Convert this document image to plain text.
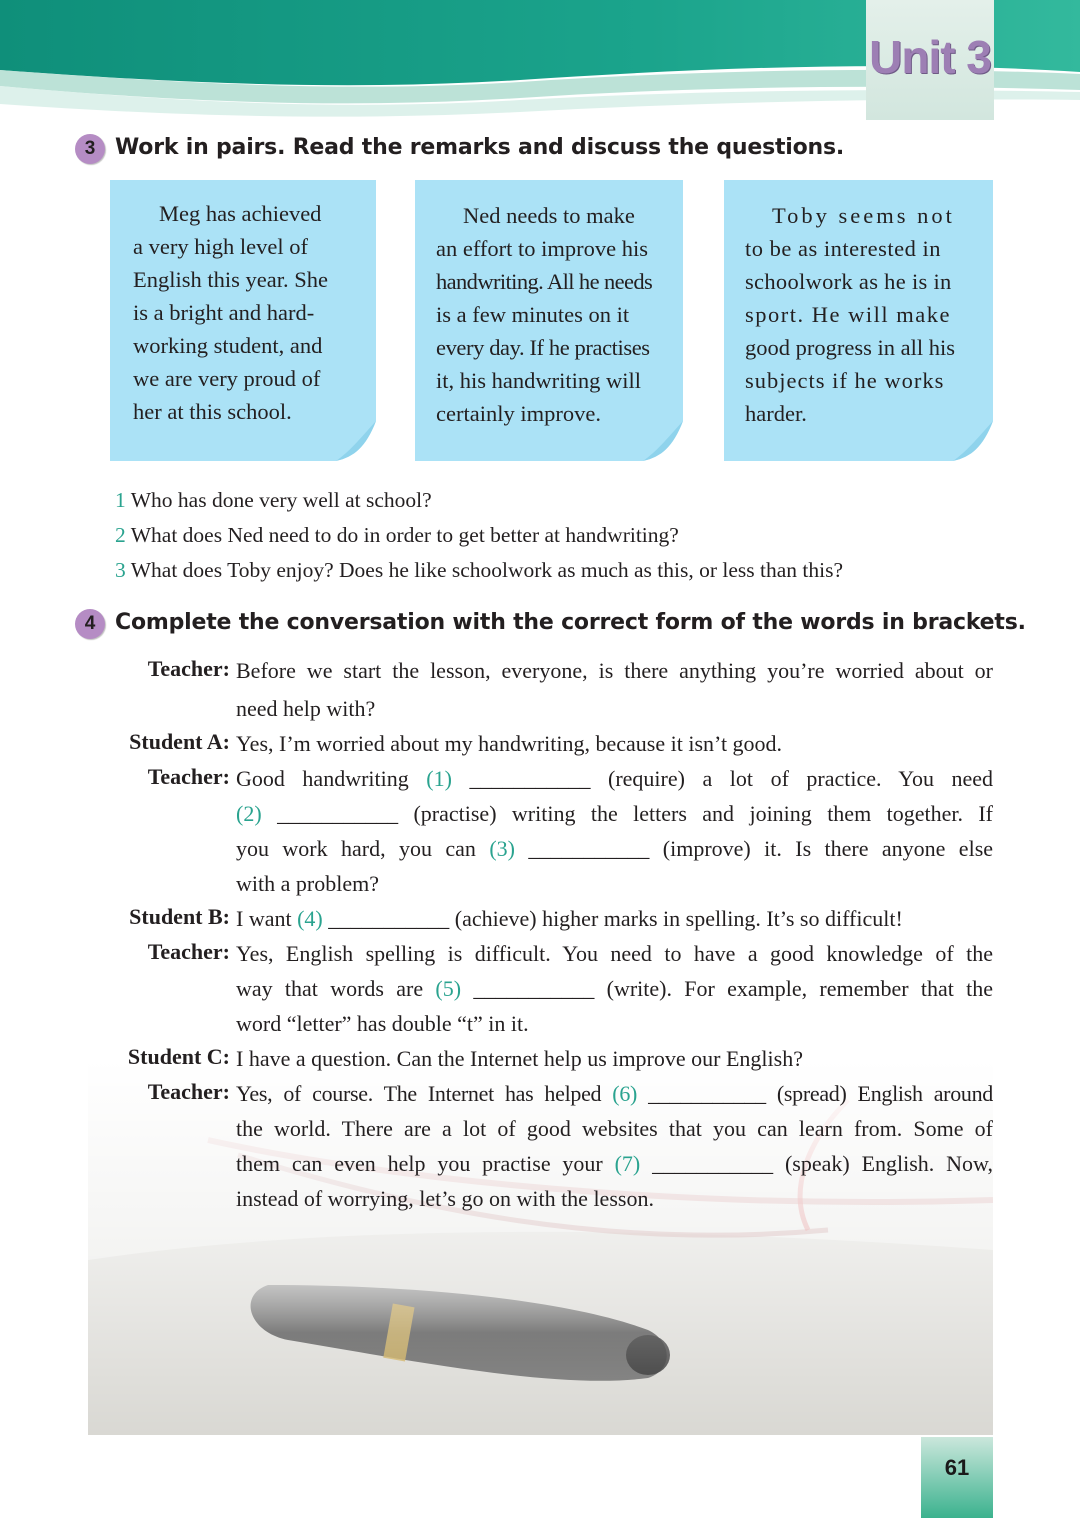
Unit 3
3 Work in pairs. Read the remarks and discuss the questions.
Meg has achieved
a very high level of
English this year. She
is a bright and hard-
working student, and
we are very proud of
her at this school.
Ned needs to make
an effort to improve his
handwriting. All he needs
is a few minutes on it
every day. If he practises
it, his handwriting will
certainly improve.
Toby seems not
to be as interested in
schoolwork as he is in
sport. He will make
good progress in all his
subjects if he works
harder.
1 Who has done very well at school?
2 What does Ned need to do in order to get better at handwriting?
3 What does Toby enjoy? Does he like schoolwork as much as this, or less than this?
4 Complete the conversation with the correct form of the words in brackets.
Teacher: Before we start the lesson, everyone, is there anything you’re worried about or
need help with?
Student A: Yes, I’m worried about my handwriting, because it isn’t good.
Teacher: Good handwriting (1) ___________ (require) a lot of practice. You need
(2) ___________ (practise) writing the letters and joining them together. If
you work hard, you can (3) ___________ (improve) it. Is there anyone else
with a problem?
Student B: I want (4) ___________ (achieve) higher marks in spelling. It’s so difficult!
Teacher: Yes, English spelling is difficult. You need to have a good knowledge of the
way that words are (5) ___________ (write). For example, remember that the
word “letter” has double “t” in it.
Student C: I have a question. Can the Internet help us improve our English?
Teacher: Yes, of course. The Internet has helped (6) ___________ (spread) English around
the world. There are a lot of good websites that you can learn from. Some of
them can even help you practise your (7) ___________ (speak) English. Now,
instead of worrying, let’s go on with the lesson.
61
